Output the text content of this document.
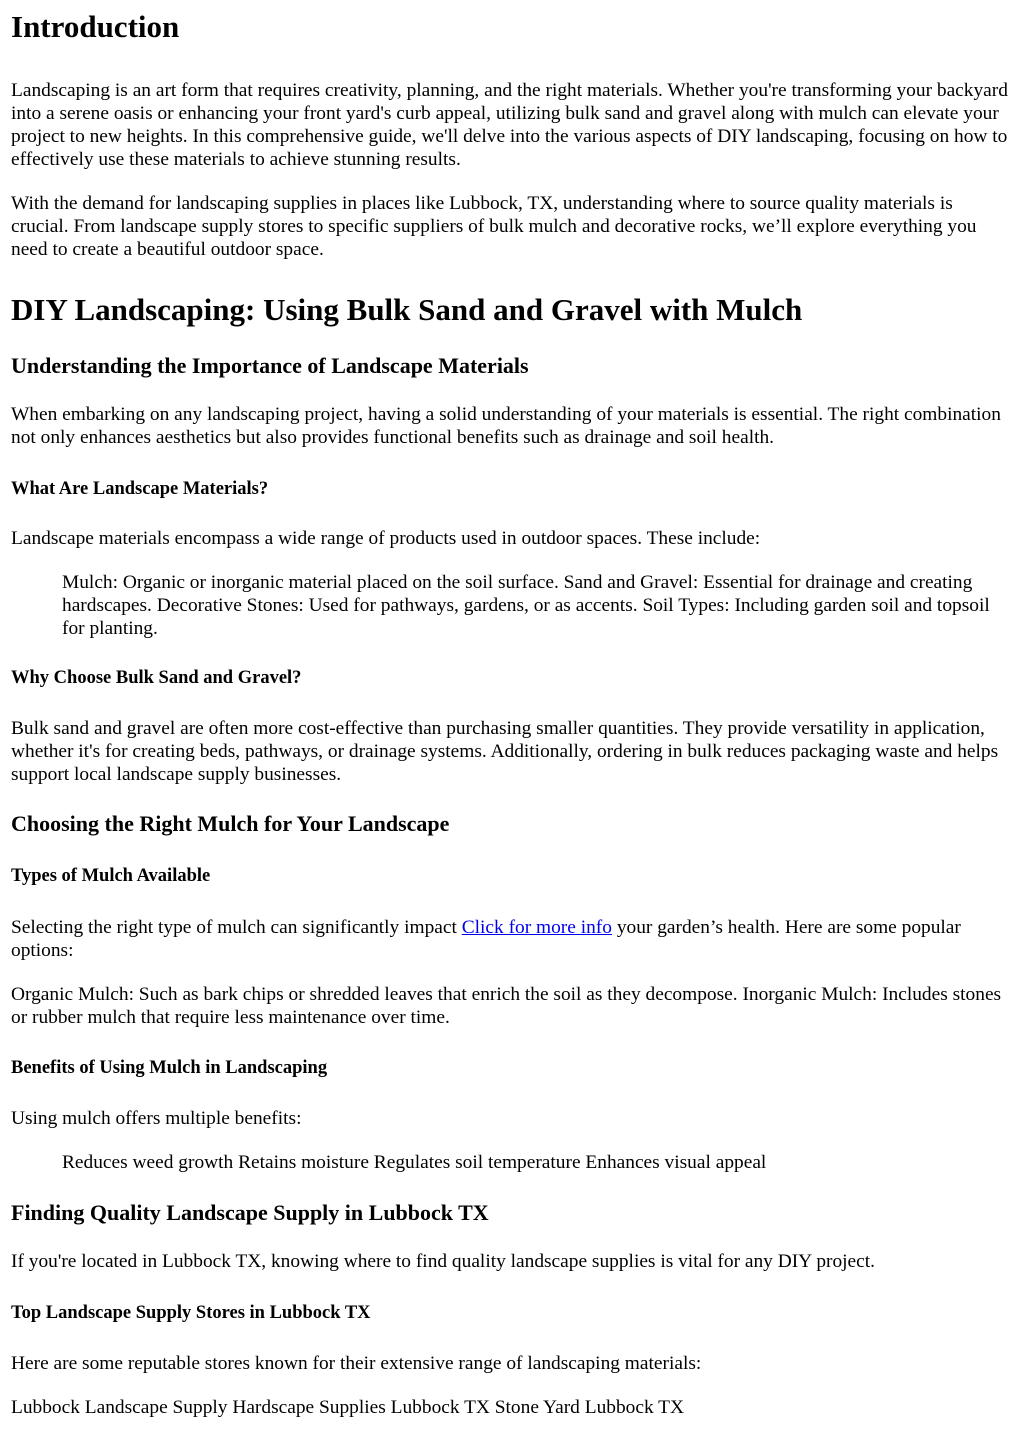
Introduction

Landscaping is an art form that requires creativity, planning, and the right materials. Whether you're transforming your backyard into a serene oasis or enhancing your front yard's curb appeal, utilizing bulk sand and gravel along with mulch can elevate your project to new heights. In this comprehensive guide, we'll delve into the various aspects of DIY landscaping, focusing on how to effectively use these materials to achieve stunning results.

With the demand for landscaping supplies in places like Lubbock, TX, understanding where to source quality materials is crucial. From landscape supply stores to specific suppliers of bulk mulch and decorative rocks, we’ll explore everything you need to create a beautiful outdoor space.

DIY Landscaping: Using Bulk Sand and Gravel with Mulch
Understanding the Importance of Landscape Materials

When embarking on any landscaping project, having a solid understanding of your materials is essential. The right combination not only enhances aesthetics but also provides functional benefits such as drainage and soil health.

What Are Landscape Materials?

Landscape materials encompass a wide range of products used in outdoor spaces. These include:

Mulch: Organic or inorganic material placed on the soil surface. Sand and Gravel: Essential for drainage and creating hardscapes. Decorative Stones: Used for pathways, gardens, or as accents. Soil Types: Including garden soil and topsoil for planting.
Why Choose Bulk Sand and Gravel?

Bulk sand and gravel are often more cost-effective than purchasing smaller quantities. They provide versatility in application, whether it's for creating beds, pathways, or drainage systems. Additionally, ordering in bulk reduces packaging waste and helps support local landscape supply businesses.

Choosing the Right Mulch for Your Landscape
Types of Mulch Available

Selecting the right type of mulch can significantly impact Click for more info your garden’s health. Here are some popular options:

Organic Mulch: Such as bark chips or shredded leaves that enrich the soil as they decompose. Inorganic Mulch: Includes stones or rubber mulch that require less maintenance over time.

Benefits of Using Mulch in Landscaping

Using mulch offers multiple benefits:

Reduces weed growth Retains moisture Regulates soil temperature Enhances visual appeal
Finding Quality Landscape Supply in Lubbock TX

If you're located in Lubbock TX, knowing where to find quality landscape supplies is vital for any DIY project.

Top Landscape Supply Stores in Lubbock TX

Here are some reputable stores known for their extensive range of landscaping materials:

Lubbock Landscape Supply Hardscape Supplies Lubbock TX Stone Yard Lubbock TX
